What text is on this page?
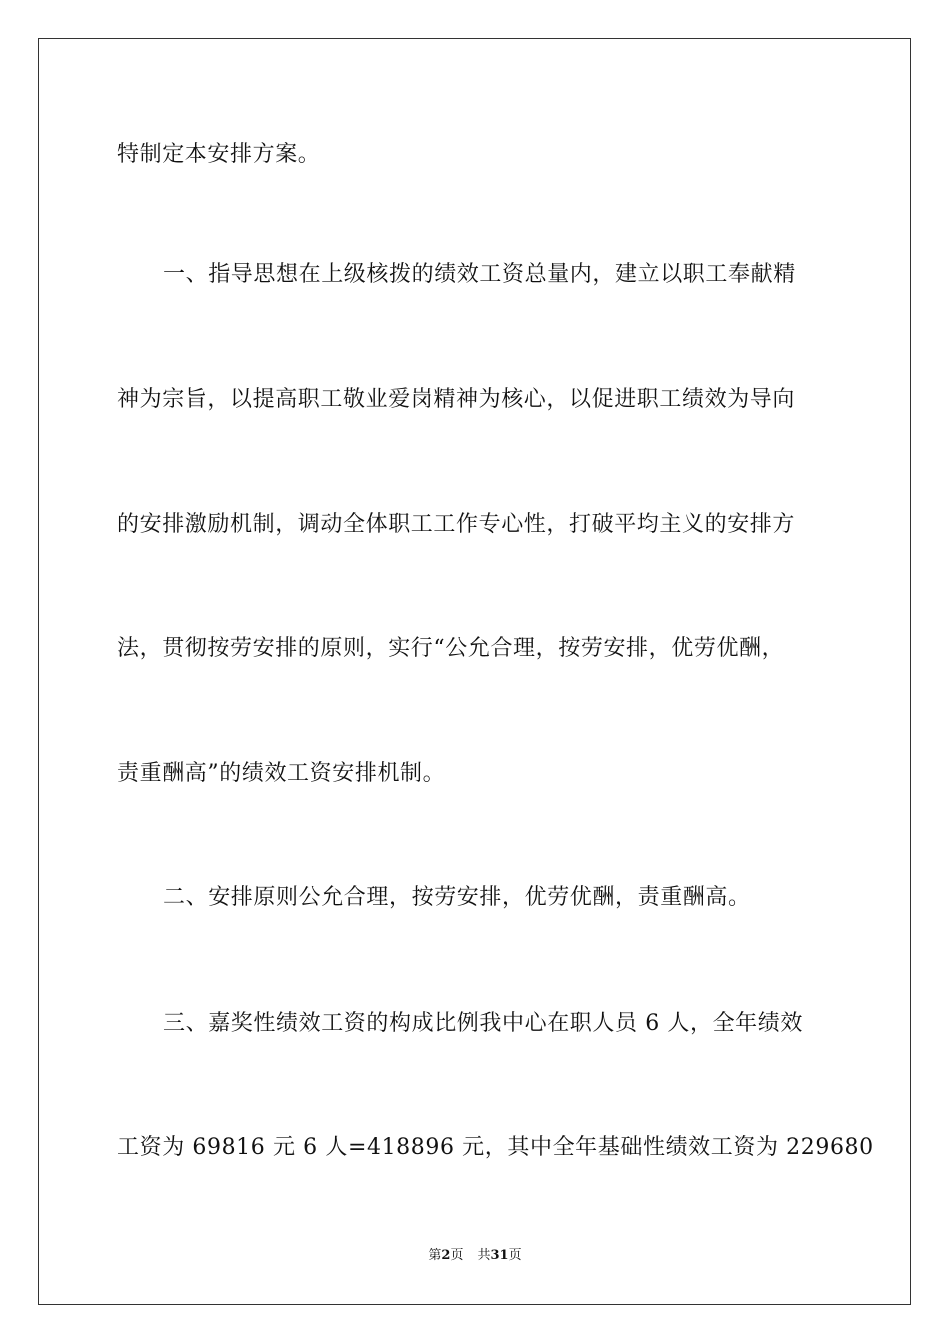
特制定本安排方案。
一、指导思想在上级核拨的绩效工资总量内，建立以职工奉献精
神为宗旨，以提高职工敬业爱岗精神为核心，以促进职工绩效为导向
的安排激励机制，调动全体职工工作专心性，打破平均主义的安排方
法，贯彻按劳安排的原则，实行“公允合理，按劳安排，优劳优酬，
责重酬高”的绩效工资安排机制。
二、安排原则公允合理，按劳安排，优劳优酬，责重酬高。
三、嘉奖性绩效工资的构成比例我中心在职人员 6 人，全年绩效
工资为 69816 元 6 人=418896 元，其中全年基础性绩效工资为 229680
第2页 共31页
